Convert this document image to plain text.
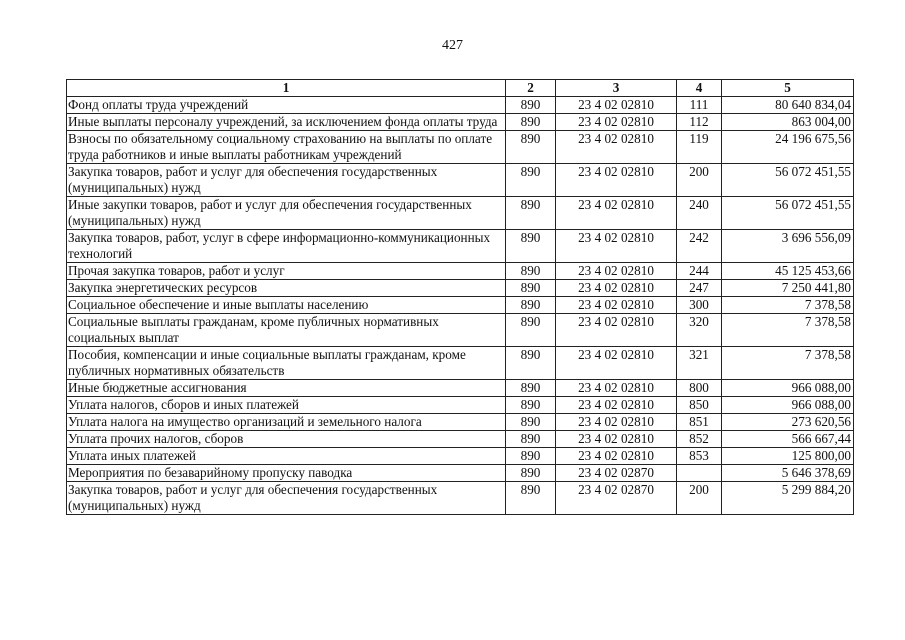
427
1	2	3	4	5
Фонд оплаты труда учреждений	890	23 4 02 02810	111	80 640 834,04
Иные выплаты персоналу учреждений, за исключением фонда оплаты труда	890	23 4 02 02810	112	863 004,00
Взносы по обязательному социальному страхованию на выплаты по оплате труда работников и иные выплаты работникам учреждений	890	23 4 02 02810	119	24 196 675,56
Закупка товаров, работ и услуг для обеспечения государственных (муниципальных) нужд	890	23 4 02 02810	200	56 072 451,55
Иные закупки товаров, работ и услуг для обеспечения государственных (муниципальных) нужд	890	23 4 02 02810	240	56 072 451,55
Закупка товаров, работ, услуг в сфере информационно-коммуникационных технологий	890	23 4 02 02810	242	3 696 556,09
Прочая закупка товаров, работ и услуг	890	23 4 02 02810	244	45 125 453,66
Закупка энергетических ресурсов	890	23 4 02 02810	247	7 250 441,80
Социальное обеспечение и иные выплаты населению	890	23 4 02 02810	300	7 378,58
Социальные выплаты гражданам, кроме публичных нормативных социальных выплат	890	23 4 02 02810	320	7 378,58
Пособия, компенсации и иные социальные выплаты гражданам, кроме публичных нормативных обязательств	890	23 4 02 02810	321	7 378,58
Иные бюджетные ассигнования	890	23 4 02 02810	800	966 088,00
Уплата налогов, сборов и иных платежей	890	23 4 02 02810	850	966 088,00
Уплата налога на имущество организаций и земельного налога	890	23 4 02 02810	851	273 620,56
Уплата прочих налогов, сборов	890	23 4 02 02810	852	566 667,44
Уплата иных платежей	890	23 4 02 02810	853	125 800,00
Мероприятия по безаварийному пропуску паводка	890	23 4 02 02870		5 646 378,69
Закупка товаров, работ и услуг для обеспечения государственных (муниципальных) нужд	890	23 4 02 02870	200	5 299 884,20
